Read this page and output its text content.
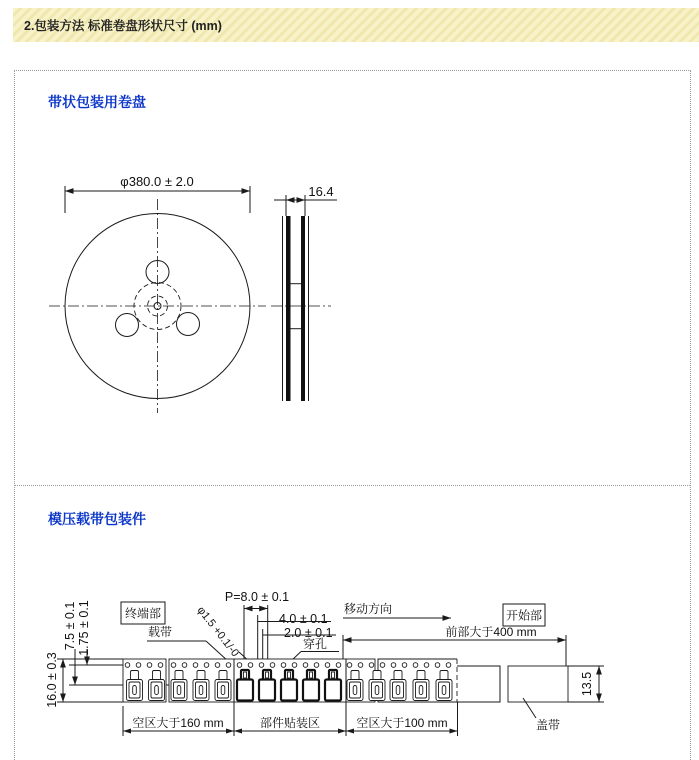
2.包装方法 标准卷盘形状尺寸 (mm)
带状包装用卷盘
φ380.0 ± 2.0
16.4
模压载带包装件
7.5 ± 0.1 1.75 ± 0.1
16.0 ± 0.3
终端部
载带 φ1.5 +0.1/-0
P=8.0 ± 0.1
4.0 ± 0.1
2.0 ± 0.1
穿孔
移动方向	开始部
前部大于400 mm
13.5
盖带
空区大于160 mm	部件贴装区	空区大于100 mm
